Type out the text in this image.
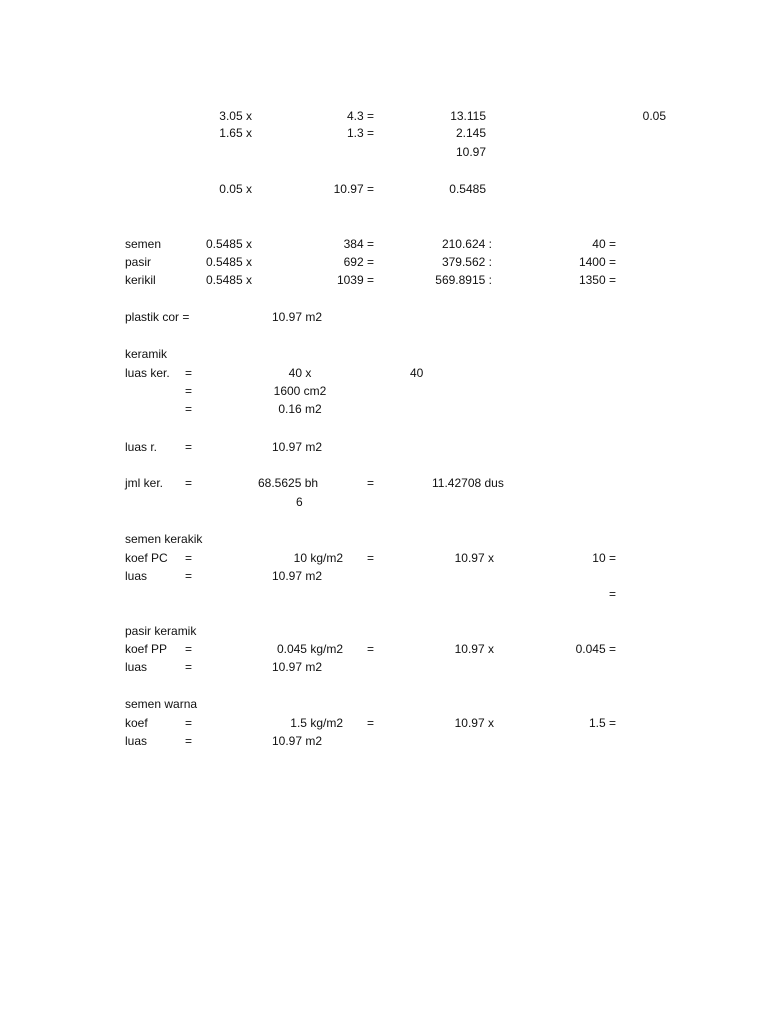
3.05 x	4.3 =	13.115	0.05
1.65 x	1.3 =	2.145
10.97
0.05 x	10.97 =	0.5485
semen	0.5485 x	384 =	210.624 :	40 =
pasir	0.5485 x	692 =	379.562 :	1400 =
kerikil	0.5485 x	1039 =	569.8915 :	1350 =
plastik cor =	10.97 m2
keramik
luas ker. =	40 x	40
=	1600 cm2
=	0.16 m2
luas r. =	10.97 m2
jml ker. =	68.5625 bh	=	11.42708 dus
6
semen kerakik
koef PC =	10 kg/m2 =	10.97 x	10 =
luas	=	10.97 m2
=
pasir keramik
koef PP =	0.045 kg/m2 =	10.97 x	0.045 =
luas	=	10.97 m2
semen warna
koef	=	1.5 kg/m2 =	10.97 x	1.5 =
luas	=	10.97 m2
